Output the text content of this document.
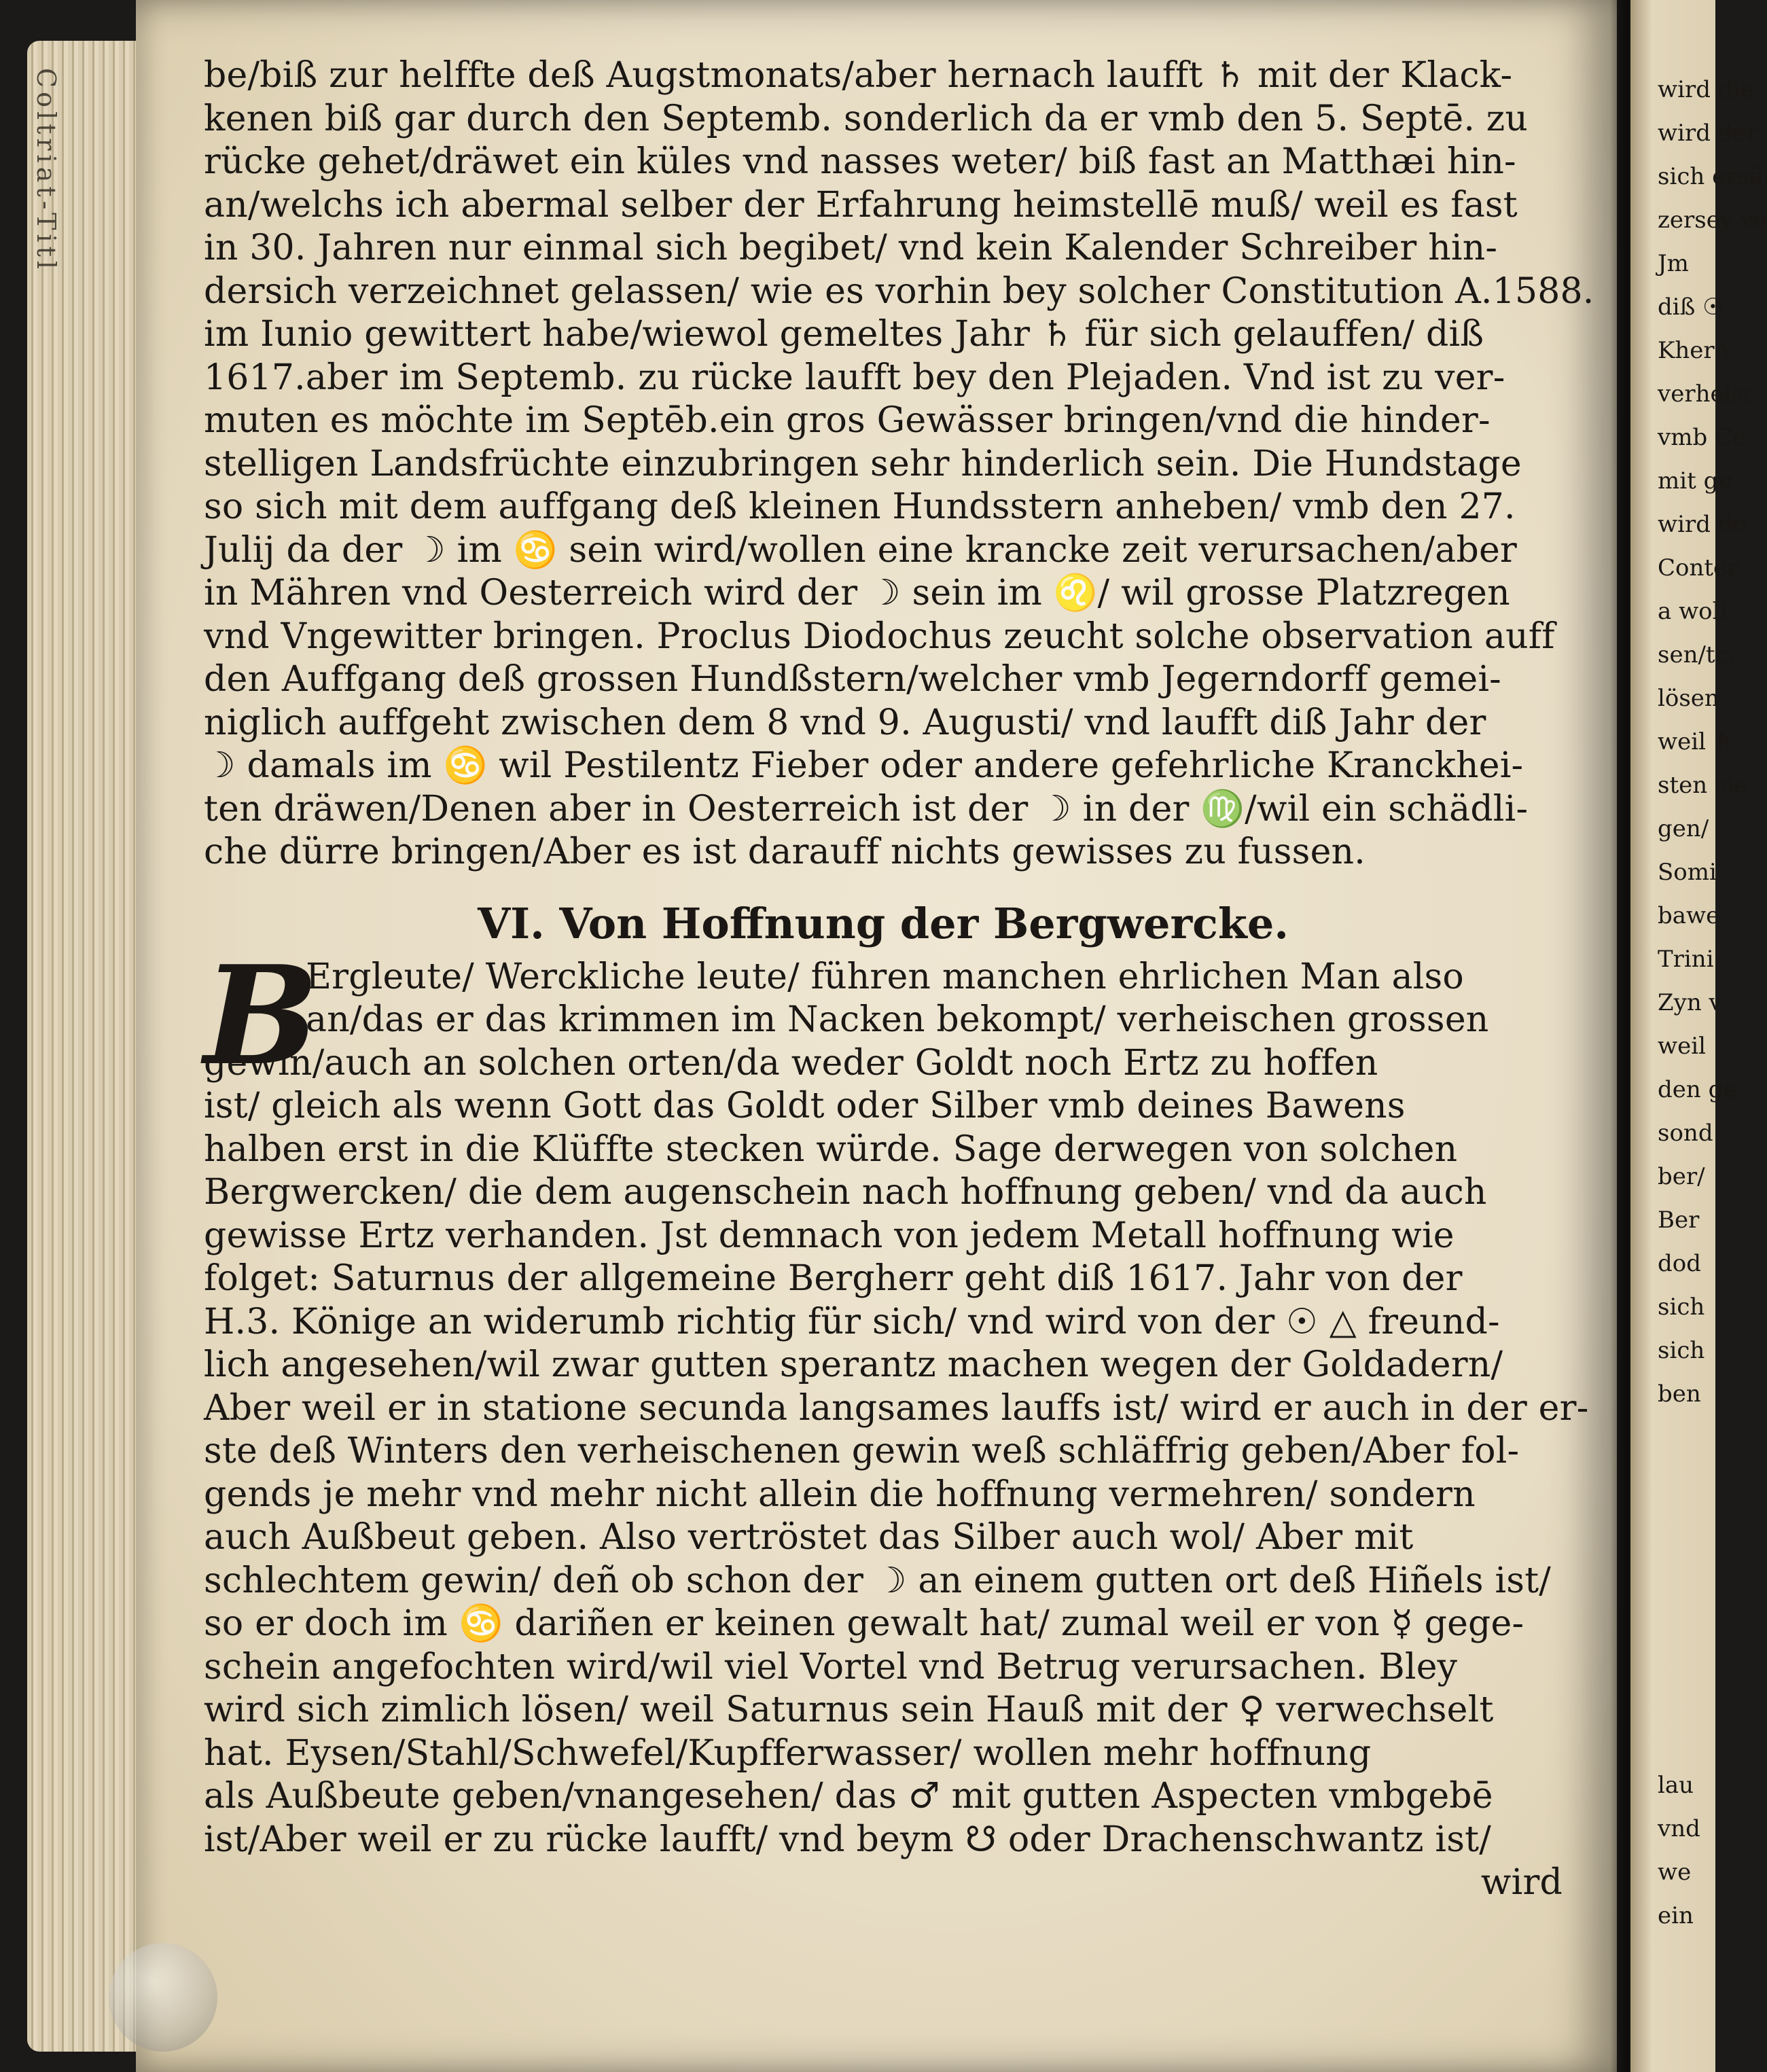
Coltriat-Titl	be/biß zur helffte deß Augstmonats/aber hernach laufft ♄ mit der Klack-
kenen biß gar durch den Septemb. sonderlich da er vmb den 5. Septē. zu
rücke gehet/dräwet ein küles vnd nasses weter/ biß fast an Matthæi hin-
an/welchs ich abermal selber der Erfahrung heimstellē muß/ weil es fast
in 30. Jahren nur einmal sich begibet/ vnd kein Kalender Schreiber hin-
dersich verzeichnet gelassen/ wie es vorhin bey solcher Constitution A.1588.
im Iunio gewittert habe/wiewol gemeltes Jahr ♄ für sich gelauffen/ diß
1617.aber im Septemb. zu rücke laufft bey den Plejaden. Vnd ist zu ver-
muten es möchte im Septēb.ein gros Gewässer bringen/vnd die hinder-
stelligen Landsfrüchte einzubringen sehr hinderlich sein. Die Hundstage
so sich mit dem auffgang deß kleinen Hundsstern anheben/ vmb den 27.
Julij da der ☽ im ♋ sein wird/wollen eine krancke zeit verursachen/aber
in Mähren vnd Oesterreich wird der ☽ sein im ♌/ wil grosse Platzregen
vnd Vngewitter bringen. Proclus Diodochus zeucht solche observation auff
den Auffgang deß grossen Hundßstern/welcher vmb Jegerndorff gemei-
niglich auffgeht zwischen dem 8 vnd 9. Augusti/ vnd laufft diß Jahr der
☽ damals im ♋ wil Pestilentz Fieber oder andere gefehrliche Kranckhei-
ten dräwen/Denen aber in Oesterreich ist der ☽ in der ♍/wil ein schädli-
che dürre bringen/Aber es ist darauff nichts gewisses zu fussen.
VI. Von Hoffnung der Bergwercke.
B
Ergleute/ Werckliche leute/ führen manchen ehrlichen Man also
an/das er das krimmen im Nacken bekompt/ verheischen grossen
gewin/auch an solchen orten/da weder Goldt noch Ertz zu hoffen
ist/ gleich als wenn Gott das Goldt oder Silber vmb deines Bawens
halben erst in die Klüffte stecken würde. Sage derwegen von solchen
Bergwercken/ die dem augenschein nach hoffnung geben/ vnd da auch
gewisse Ertz verhanden. Jst demnach von jedem Metall hoffnung wie
folget: Saturnus der allgemeine Bergherr geht diß 1617. Jahr von der
H.3. Könige an widerumb richtig für sich/ vnd wird von der ☉ △ freund-
lich angesehen/wil zwar gutten sperantz machen wegen der Goldadern/
Aber weil er in statione secunda langsames lauffs ist/ wird er auch in der er-
ste deß Winters den verheischenen gewin weß schläffrig geben/Aber fol-
gends je mehr vnd mehr nicht allein die hoffnung vermehren/ sondern
auch Außbeut geben. Also vertröstet das Silber auch wol/ Aber mit
schlechtem gewin/ deñ ob schon der ☽ an einem gutten ort deß Hiñels ist/
so er doch im ♋ dariñen er keinen gewalt hat/ zumal weil er von ☿ gege-
schein angefochten wird/wil viel Vortel vnd Betrug verursachen. Bley
wird sich zimlich lösen/ weil Saturnus sein Hauß mit der ♀ verwechselt
hat. Eysen/Stahl/Schwefel/Kupfferwasser/ wollen mehr hoffnung
als Außbeute geben/vnangesehen/ das ♂ mit gutten Aspecten vmbgebē
ist/Aber weil er zu rücke laufft/ vnd beym ☋ oder Drachenschwantz ist/
wird
wird die
wird der
sich ersü
zersey ve
Jm
diß ☉
Khern
verheisc
vmb Co
mit gu
wird do
Conter
a woll
sen/tc.
lösen.
weil ♄
sten sie
gen/
Somi
bawe
Trini
Zyn v
weil
den ge
sond
ber/
Ber
dod
sich
sich
ben
lau
vnd
we
ein
